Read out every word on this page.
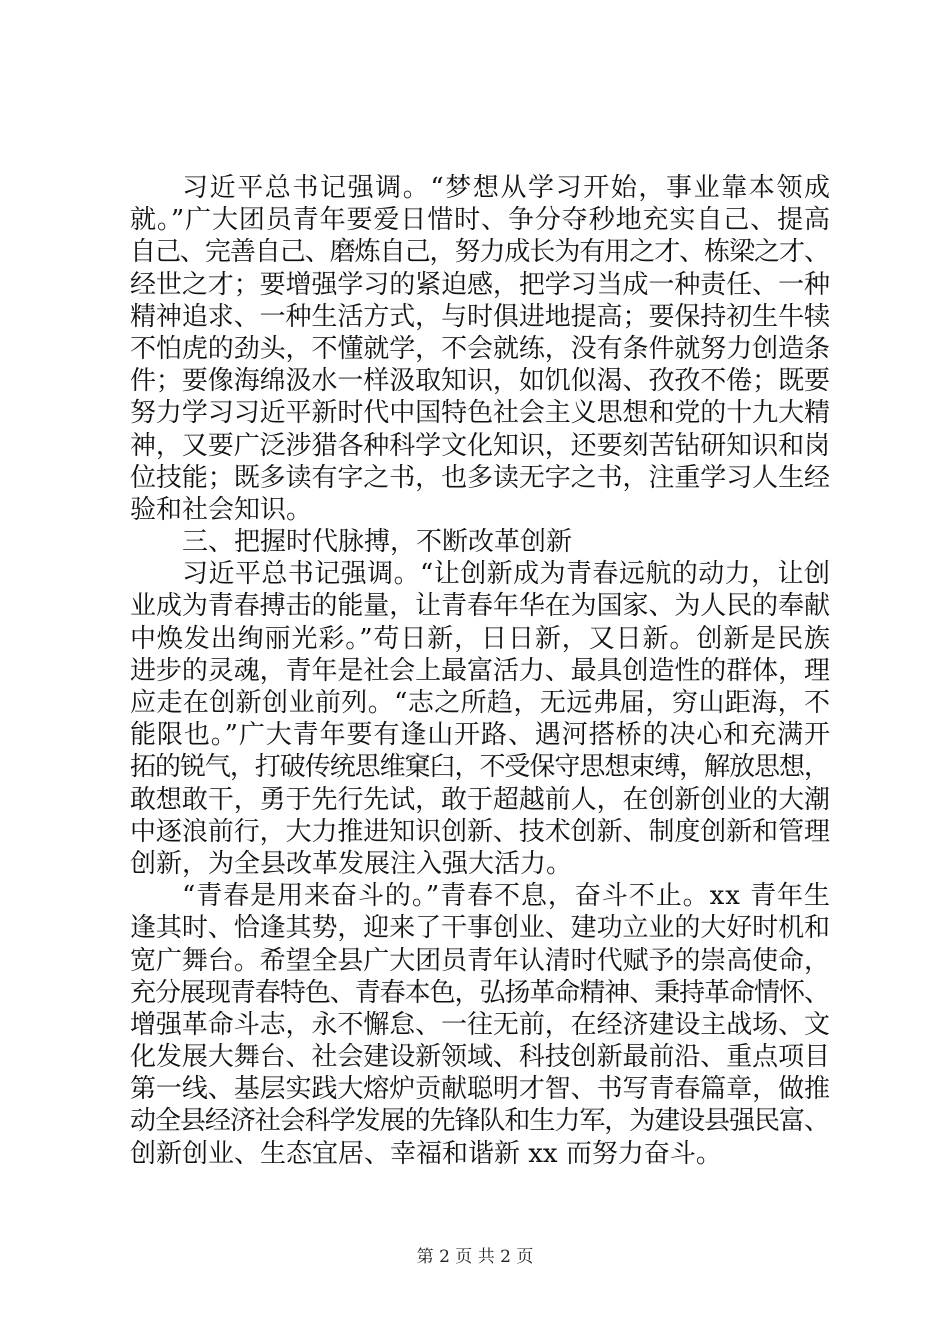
习近平总书记强调。“梦想从学习开始，事业靠本领成
就。”广大团员青年要爱日惜时、争分夺秒地充实自己、提高
自己、完善自己、磨炼自己，努力成长为有用之才、栋梁之才、
经世之才；要增强学习的紧迫感，把学习当成一种责任、一种
精神追求、一种生活方式，与时俱进地提高；要保持初生牛犊
不怕虎的劲头，不懂就学，不会就练，没有条件就努力创造条
件；要像海绵汲水一样汲取知识，如饥似渴、孜孜不倦；既要
努力学习习近平新时代中国特色社会主义思想和党的十九大精
神，又要广泛涉猎各种科学文化知识，还要刻苦钻研知识和岗
位技能；既多读有字之书，也多读无字之书，注重学习人生经
验和社会知识。
三、把握时代脉搏，不断改革创新
习近平总书记强调。“让创新成为青春远航的动力，让创
业成为青春搏击的能量，让青春年华在为国家、为人民的奉献
中焕发出绚丽光彩。”苟日新，日日新，又日新。创新是民族
进步的灵魂，青年是社会上最富活力、最具创造性的群体，理
应走在创新创业前列。“志之所趋，无远弗届，穷山距海，不
能限也。”广大青年要有逢山开路、遇河搭桥的决心和充满开
拓的锐气，打破传统思维窠臼，不受保守思想束缚，解放思想，
敢想敢干，勇于先行先试，敢于超越前人，在创新创业的大潮
中逐浪前行，大力推进知识创新、技术创新、制度创新和管理
创新，为全县改革发展注入强大活力。
“青春是用来奋斗的。”青春不息，奋斗不止。xx 青年生
逢其时、恰逢其势，迎来了干事创业、建功立业的大好时机和
宽广舞台。希望全县广大团员青年认清时代赋予的崇高使命，
充分展现青春特色、青春本色，弘扬革命精神、秉持革命情怀、
增强革命斗志，永不懈怠、一往无前，在经济建设主战场、文
化发展大舞台、社会建设新领域、科技创新最前沿、重点项目
第一线、基层实践大熔炉贡献聪明才智、书写青春篇章，做推
动全县经济社会科学发展的先锋队和生力军，为建设县强民富、
创新创业、生态宜居、幸福和谐新 xx 而努力奋斗。
第 2 页 共 2 页
